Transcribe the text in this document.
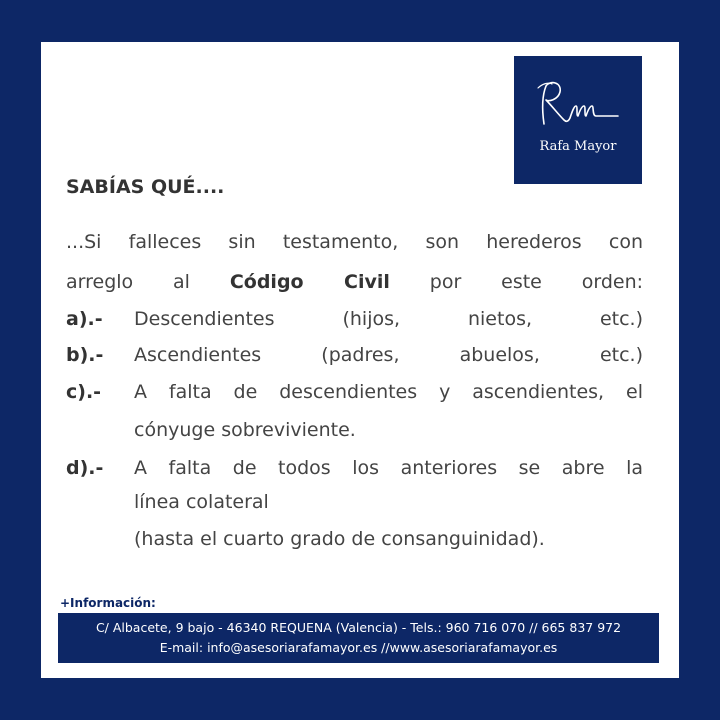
Rafa Mayor
SABÍAS QUÉ....
...Si falleces sin testamento, son herederos con
arreglo al Código Civil por este orden:
a).- Descendientes (hijos, nietos, etc.)
b).- Ascendientes (padres, abuelos, etc.)
c).- A falta de descendientes y ascendientes, el
cónyuge sobreviviente.
d).- A falta de todos los anteriores se abre la
línea colateral
(hasta el cuarto grado de consanguinidad).
+Información:
C/ Albacete, 9 bajo - 46340 REQUENA (Valencia) - Tels.: 960 716 070 // 665 837 972
E-mail: info@asesoriarafamayor.es //www.asesoriarafamayor.es
